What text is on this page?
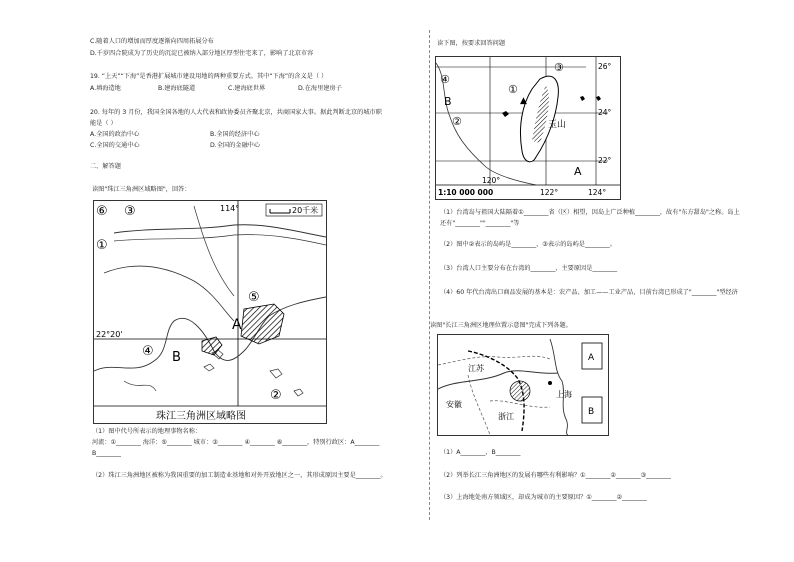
C.随着人口的增加而厚度逐渐向四周拓展分布
D.千岁四合院成为了历史的沉淀已被纳入部分地区厚型住宅来了，影响了北京市容
19. “上天”“下海”是香港扩展城市建设用地的两种重要方式。其中“下海”的含义是（ ）
A.填海造地	B.建海底隧道	C.建海底世界	D.在海里建房子
20. 每年的 3 月份，我国全国各地的人大代表和政协委员齐聚北京，共商国家大事。据此判断北京的城市职
能是（ ）
A.全国的政治中心	B.全国的经济中心
C.全国的交通中心	D.全国的金融中心
二、解答题
读图"珠江三角洲区域略图"，回答：
⑥ ③
①
⑤
A
④ B
②
114°
22°20'
20千米
珠江三角洲区域略图
（1）图中代号所表示的地理事物名称：
河流：①________ 海洋：⑤________ 城市：③________ ④________ ⑥________，特别行政区：A________
B________
（2）珠江三角洲地区被称为我国重要的加工制造业基地和对外开放地区之一，其形成原因主要是________。
读下图，按要求回答问题
▲
④
B
②
③
①
玉山
A
26°
24°
22°
1:10 000 000
120°
122°	124°
（1）台湾岛与祖国大陆隔着①________省（区）相望，因岛上广泛种植________，故有"东方甜岛"之称。岛上
还有"________""________"等
（2）图中②表示的岛屿是________，③表示的岛屿是________。
（3）台湾人口主要分布在台湾的________，主要原因是________
（4）60 年代台湾出口商品发展的基本是：农产品、加工——工业产品，目前台湾已形成了"________"型经济
读图"长江三角洲区地理位置示意图"完成下列各题。
江苏
上海
安徽
浙江
A
B
（1）A________，B________
（2）列举长江三角洲地区的发展有哪些有利影响？①________②________③________
（3）上海地处南方领域区，却成为城市的主要原因？①________②________
